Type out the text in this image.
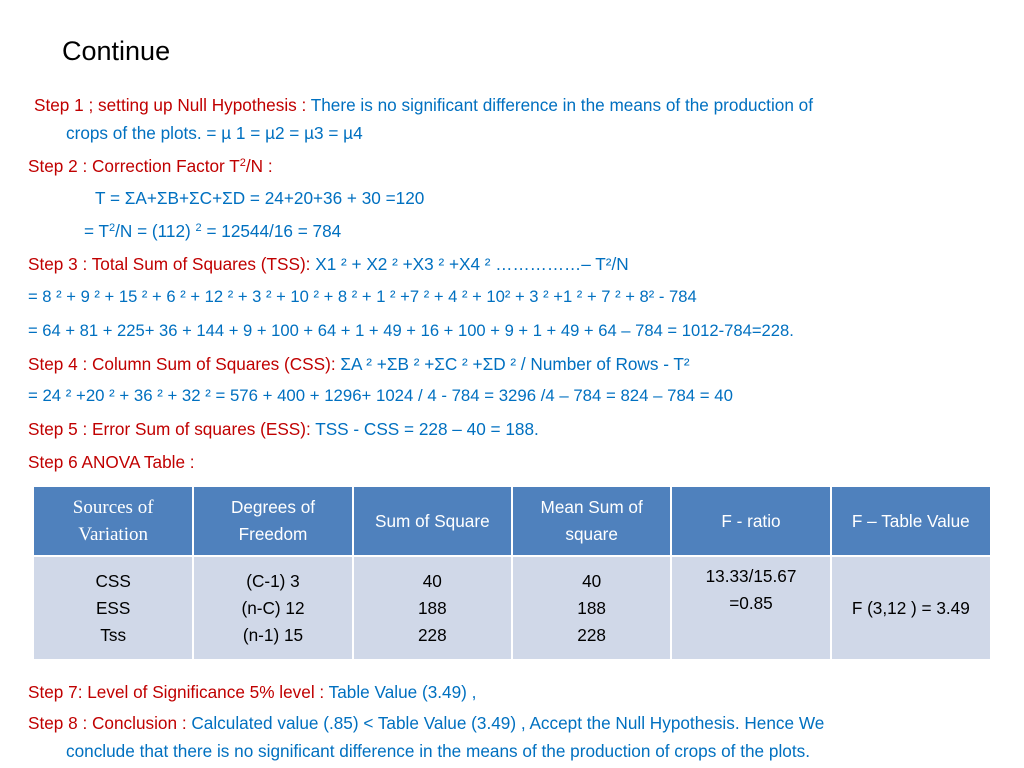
Continue
Step 1 ; setting up Null Hypothesis : There is no significant difference in the means of the production of
crops of the plots. = µ 1 = µ2 = µ3 = µ4
Step 2 : Correction Factor $T^2/N$ :
T = ΣA+ΣB+ΣC+ΣD = 24+20+36 + 30 =120
= $T^2/N = (112) ^2 = 12544/16 = 784$
Step 3 : Total Sum of Squares (TSS): X1 ² + X2 ² +X3 ² +X4 ² ……………– T²/N
= 8 ² + 9 ² + 15 ² + 6 ² + 12 ² + 3 ² + 10 ² + 8 ² + 1 ² +7 ² + 4 ² + 10² + 3 ² +1 ² + 7 ² + 8² - 784
= 64 + 81 + 225+ 36 + 144 + 9 + 100 + 64 + 1 + 49 + 16 + 100 + 9 + 1 + 49 + 64 – 784 = 1012-784=228.
Step 4 : Column Sum of Squares (CSS): ΣA ² +ΣB ² +ΣC ² +ΣD ² / Number of Rows - T²
= 24 ² +20 ² + 36 ² + 32 ² = 576 + 400 + 1296+ 1024 / 4 - 784 = 3296 /4 – 784 = 824 – 784 = 40
Step 5 : Error Sum of squares (ESS): TSS - CSS = 228 – 40 = 188.
Step 6 ANOVA Table :
Sources of Variation	Degrees of Freedom	Sum of Square	Mean Sum of square	F - ratio	F – Table Value

CSS
ESS
Tss	(C-1) 3
(n-C) 12
(n-1) 15	40
188
228	40
188
228	13.33/15.67
=0.85	F (3,12 ) = 3.49
Step 7: Level of Significance 5% level : Table Value (3.49) ,
Step 8 : Conclusion : Calculated value (.85) < Table Value (3.49) , Accept the Null Hypothesis. Hence We
conclude that there is no significant difference in the means of the production of crops of the plots.
